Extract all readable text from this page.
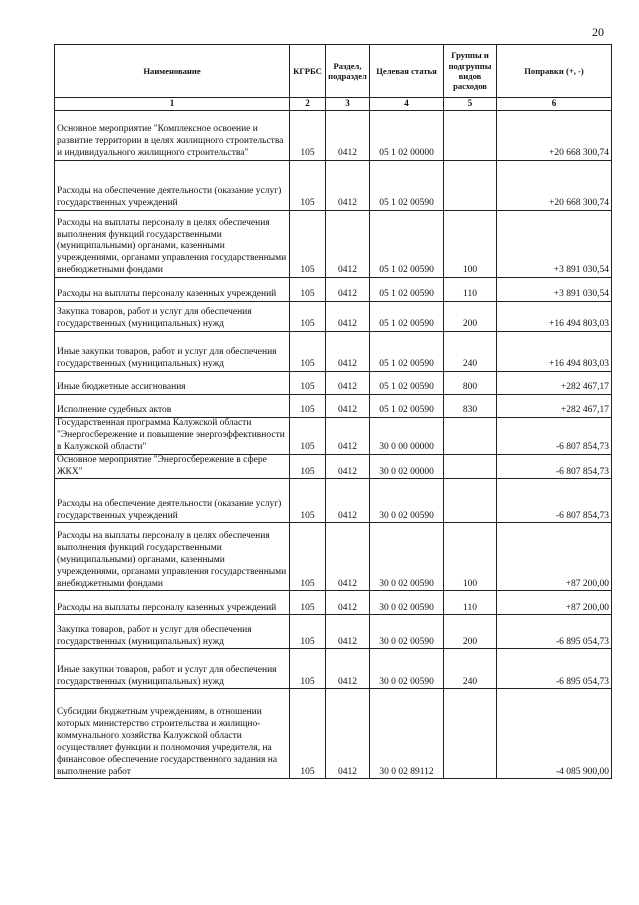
20
Наименование	КГРБС	Раздел, подраздел	Целевая статья	Группы и подгруппы видов расходов	Поправки (+, -)
1	2	3	4	5	6
Основное мероприятие "Комплексное освоение и развитие территории в целях жилищного строительства и индивидуального жилищного строительства"	105	0412	05 1 02 00000		+20 668 300,74
Расходы на обеспечение деятельности (оказание услуг) государственных учреждений	105	0412	05 1 02 00590		+20 668 300,74
Расходы на выплаты персоналу в целях обеспечения выполнения функций государственными (муниципальными) органами, казенными учреждениями, органами управления государственными внебюджетными фондами	105	0412	05 1 02 00590	100	+3 891 030,54
Расходы на выплаты персоналу казенных учреждений	105	0412	05 1 02 00590	110	+3 891 030,54
Закупка товаров, работ и услуг для обеспечения государственных (муниципальных) нужд	105	0412	05 1 02 00590	200	+16 494 803,03
Иные закупки товаров, работ и услуг для обеспечения государственных (муниципальных) нужд	105	0412	05 1 02 00590	240	+16 494 803,03
Иные бюджетные ассигнования	105	0412	05 1 02 00590	800	+282 467,17
Исполнение судебных актов	105	0412	05 1 02 00590	830	+282 467,17
Государственная программа Калужской области "Энергосбережение и повышение энергоэффективности в Калужской области"	105	0412	30 0 00 00000		-6 807 854,73
Основное мероприятие "Энергосбережение в сфере ЖКХ"	105	0412	30 0 02 00000		-6 807 854,73
Расходы на обеспечение деятельности (оказание услуг) государственных учреждений	105	0412	30 0 02 00590		-6 807 854,73
Расходы на выплаты персоналу в целях обеспечения выполнения функций государственными (муниципальными) органами, казенными учреждениями, органами управления государственными внебюджетными фондами	105	0412	30 0 02 00590	100	+87 200,00
Расходы на выплаты персоналу казенных учреждений	105	0412	30 0 02 00590	110	+87 200,00
Закупка товаров, работ и услуг для обеспечения государственных (муниципальных) нужд	105	0412	30 0 02 00590	200	-6 895 054,73
Иные закупки товаров, работ и услуг для обеспечения государственных (муниципальных) нужд	105	0412	30 0 02 00590	240	-6 895 054,73
Субсидии бюджетным учреждениям, в отношении которых министерство строительства и жилищно-коммунального хозяйства Калужской области осуществляет функции и полномочия учредителя, на финансовое обеспечение государственного задания на выполнение работ	105	0412	30 0 02 89112		-4 085 900,00
